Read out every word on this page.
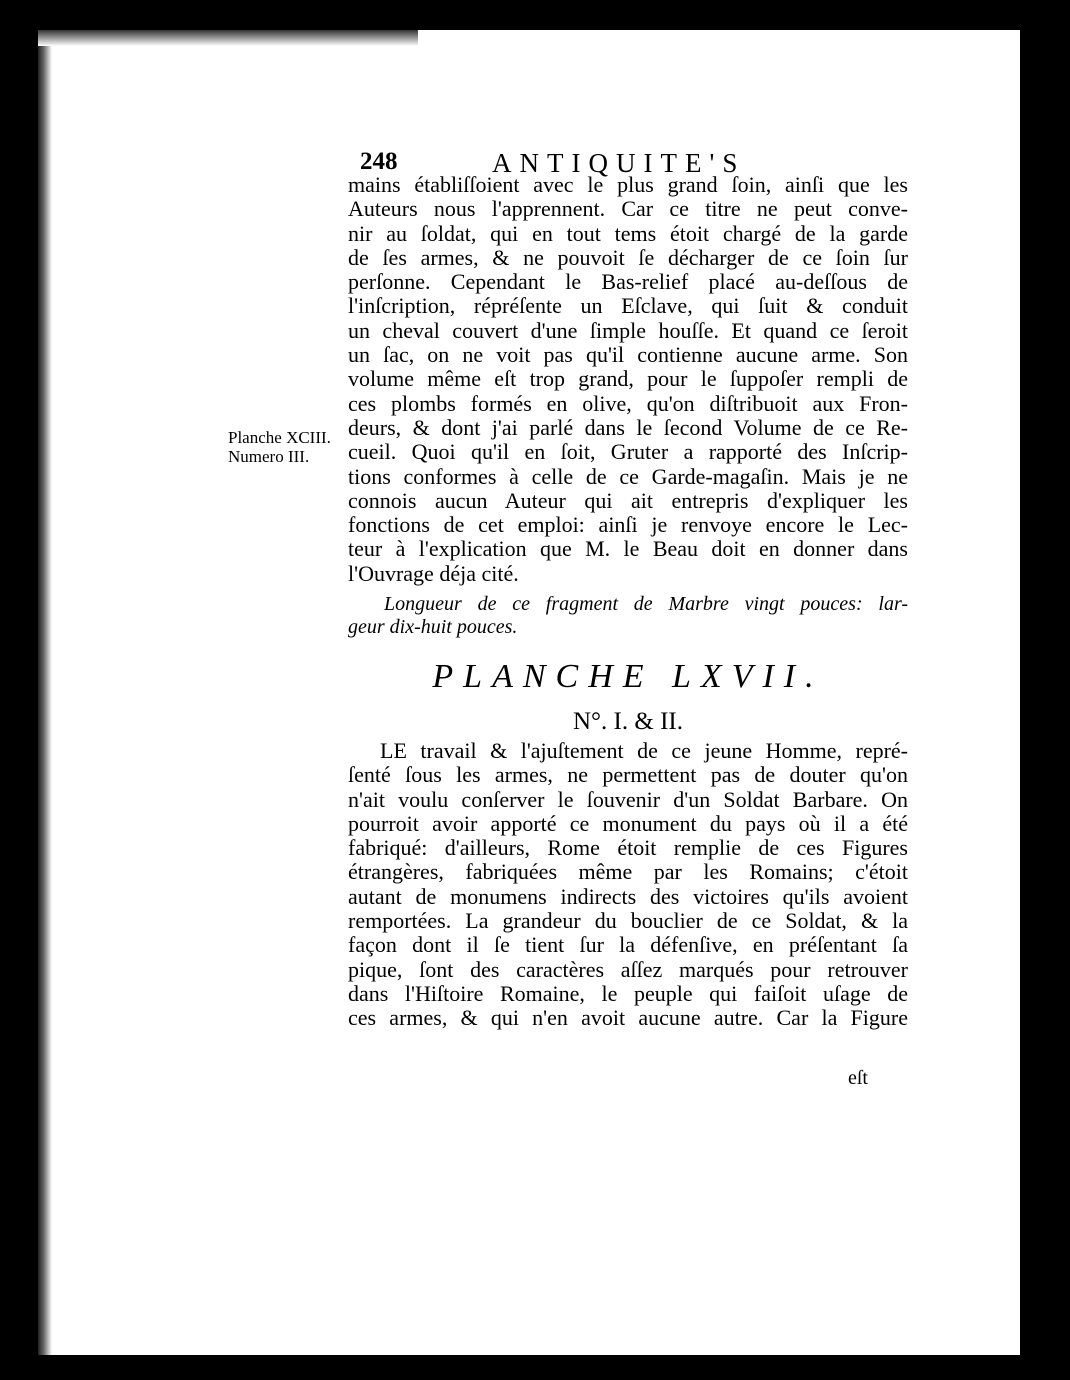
248	ANTIQUITE'S
Planche XCIII.
Numero III.
mains établiſſoient avec le plus grand ſoin, ainſi que les
Auteurs nous l'apprennent. Car ce titre ne peut conve-
nir au ſoldat, qui en tout tems étoit chargé de la garde
de ſes armes, & ne pouvoit ſe décharger de ce ſoin ſur
perſonne. Cependant le Bas-relief placé au-deſſous de
l'inſcription, répréſente un Eſclave, qui ſuit & conduit
un cheval couvert d'une ſimple houſſe. Et quand ce ſeroit
un ſac, on ne voit pas qu'il contienne aucune arme. Son
volume même eſt trop grand, pour le ſuppoſer rempli de
ces plombs formés en olive, qu'on diſtribuoit aux Fron-
deurs, & dont j'ai parlé dans le ſecond Volume de ce Re-
cueil. Quoi qu'il en ſoit, Gruter a rapporté des Inſcrip-
tions conformes à celle de ce Garde-magaſin. Mais je ne
connois aucun Auteur qui ait entrepris d'expliquer les
fonctions de cet emploi: ainſi je renvoye encore le Lec-
teur à l'explication que M. le Beau doit en donner dans
l'Ouvrage déja cité.
Longueur de ce fragment de Marbre vingt pouces: lar-
geur dix-huit pouces.
PLANCHE LXVII.
N°. I. & II.
LE travail & l'ajuſtement de ce jeune Homme, repré-
ſenté ſous les armes, ne permettent pas de douter qu'on
n'ait voulu conſerver le ſouvenir d'un Soldat Barbare. On
pourroit avoir apporté ce monument du pays où il a été
fabriqué: d'ailleurs, Rome étoit remplie de ces Figures
étrangères, fabriquées même par les Romains; c'étoit
autant de monumens indirects des victoires qu'ils avoient
remportées. La grandeur du bouclier de ce Soldat, & la
façon dont il ſe tient ſur la défenſive, en préſentant ſa
pique, ſont des caractères aſſez marqués pour retrouver
dans l'Hiſtoire Romaine, le peuple qui faiſoit uſage de
ces armes, & qui n'en avoit aucune autre. Car la Figure
eſt
